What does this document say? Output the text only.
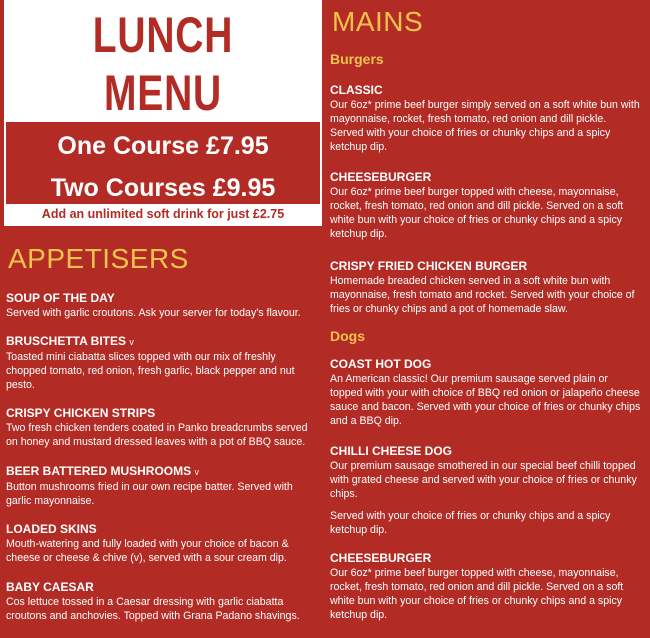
LUNCH MENU
One Course £7.95
Two Courses £9.95
Add an unlimited soft drink for just £2.75
APPETISERS
SOUP OF THE DAY
Served with garlic croutons. Ask your server for today's flavour.
BRUSCHETTA BITES v
Toasted mini ciabatta slices topped with our mix of freshly chopped tomato, red onion, fresh garlic, black pepper and nut pesto.
CRISPY CHICKEN STRIPS
Two fresh chicken tenders coated in Panko breadcrumbs served on honey and mustard dressed leaves with a pot of BBQ sauce.
BEER BATTERED MUSHROOMS v
Button mushrooms fried in our own recipe batter. Served with garlic mayonnaise.
LOADED SKINS
Mouth-watering and fully loaded with your choice of bacon & cheese or cheese & chive (v), served with a sour cream dip.
BABY CAESAR
Cos lettuce tossed in a Caesar dressing with garlic ciabatta croutons and anchovies. Topped with Grana Padano shavings.
MAINS
Burgers
CLASSIC
Our 6oz* prime beef burger simply served on a soft white bun with mayonnaise, rocket, fresh tomato, red onion and dill pickle. Served with your choice of fries or chunky chips and a spicy ketchup dip.
CHEESEBURGER
Our 6oz* prime beef burger topped with cheese, mayonnaise, rocket, fresh tomato, red onion and dill pickle. Served on a soft white bun with your choice of fries or chunky chips and a spicy ketchup dip.
CRISPY FRIED CHICKEN BURGER
Homemade breaded chicken served in a soft white bun with mayonnaise, fresh tomato and rocket. Served with your choice of fries or chunky chips and a pot of homemade slaw.
Dogs
COAST HOT DOG
An American classic! Our premium sausage served plain or topped with your with choice of BBQ red onion or jalapeño cheese sauce and bacon. Served with your choice of fries or chunky chips and a BBQ dip.
CHILLI CHEESE DOG
Our premium sausage smothered in our special beef chilli topped with grated cheese and served with your choice of fries or chunky chips.
Served with your choice of fries or chunky chips and a spicy ketchup dip.
CHEESEBURGER
Our 6oz* prime beef burger topped with cheese, mayonnaise, rocket, fresh tomato, red onion and dill pickle. Served on a soft white bun with your choice of fries or chunky chips and a spicy ketchup dip.
